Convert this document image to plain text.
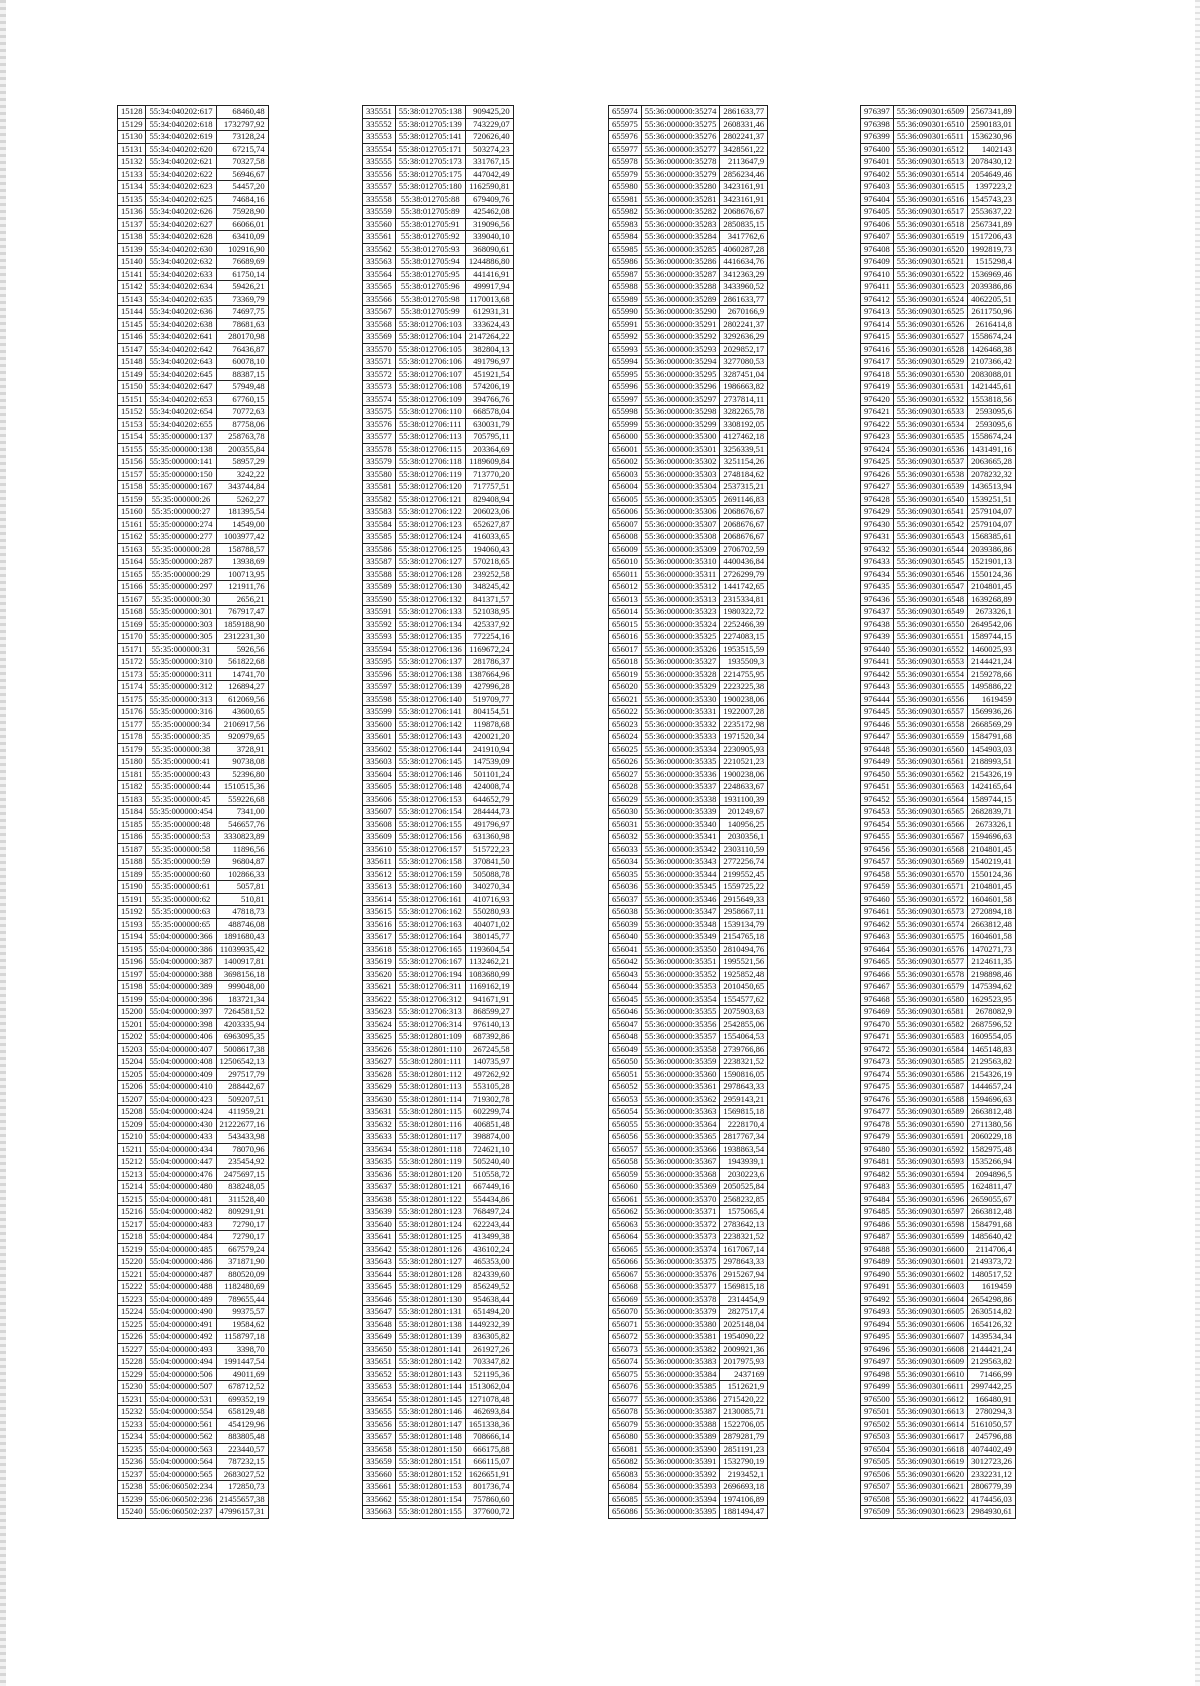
15128	55:34:040202:617	68460,48
15129	55:34:040202:618	1732797,92
15130	55:34:040202:619	73128,24
15131	55:34:040202:620	67215,74
15132	55:34:040202:621	70327,58
15133	55:34:040202:622	56946,67
15134	55:34:040202:623	54457,20
15135	55:34:040202:625	74684,16
15136	55:34:040202:626	75928,90
15137	55:34:040202:627	66066,01
15138	55:34:040202:628	63410,09
15139	55:34:040202:630	102916,90
15140	55:34:040202:632	76689,69
15141	55:34:040202:633	61750,14
15142	55:34:040202:634	59426,21
15143	55:34:040202:635	73369,79
15144	55:34:040202:636	74697,75
15145	55:34:040202:638	78681,63
15146	55:34:040202:641	280170,98
15147	55:34:040202:642	76436,87
15148	55:34:040202:643	60078,10
15149	55:34:040202:645	88387,15
15150	55:34:040202:647	57949,48
15151	55:34:040202:653	67760,15
15152	55:34:040202:654	70772,63
15153	55:34:040202:655	87758,06
15154	55:35:000000:137	258763,78
15155	55:35:000000:138	200355,84
15156	55:35:000000:141	58957,29
15157	55:35:000000:150	3242,22
15158	55:35:000000:167	343744,84
15159	55:35:000000:26	5262,27
15160	55:35:000000:27	181395,54
15161	55:35:000000:274	14549,00
15162	55:35:000000:277	1003977,42
15163	55:35:000000:28	158788,57
15164	55:35:000000:287	13938,69
15165	55:35:000000:29	100713,95
15166	55:35:000000:297	121911,76
15167	55:35:000000:30	2656,21
15168	55:35:000000:301	767917,47
15169	55:35:000000:303	1859188,90
15170	55:35:000000:305	2312231,30
15171	55:35:000000:31	5926,56
15172	55:35:000000:310	561822,68
15173	55:35:000000:311	14741,70
15174	55:35:000000:312	126894,27
15175	55:35:000000:313	612069,56
15176	55:35:000000:316	43600,65
15177	55:35:000000:34	2106917,56
15178	55:35:000000:35	920979,65
15179	55:35:000000:38	3728,91
15180	55:35:000000:41	90738,08
15181	55:35:000000:43	52396,80
15182	55:35:000000:44	1510515,36
15183	55:35:000000:45	559226,68
15184	55:35:000000:454	7341,00
15185	55:35:000000:48	546657,76
15186	55:35:000000:53	3330823,89
15187	55:35:000000:58	11896,56
15188	55:35:000000:59	96804,87
15189	55:35:000000:60	102866,33
15190	55:35:000000:61	5057,81
15191	55:35:000000:62	510,81
15192	55:35:000000:63	47818,73
15193	55:35:000000:65	488746,08
15194	55:04:000000:366	1891680,43
15195	55:04:000000:386	11039935,42
15196	55:04:000000:387	1400917,81
15197	55:04:000000:388	3698156,18
15198	55:04:000000:389	999048,00
15199	55:04:000000:396	183721,34
15200	55:04:000000:397	7264581,52
15201	55:04:000000:398	4203335,94
15202	55:04:000000:406	6963095,35
15203	55:04:000000:407	5008617,38
15204	55:04:000000:408	12506542,13
15205	55:04:000000:409	297517,79
15206	55:04:000000:410	288442,67
15207	55:04:000000:423	509207,51
15208	55:04:000000:424	411959,21
15209	55:04:000000:430	21222677,16
15210	55:04:000000:433	543433,98
15211	55:04:000000:434	78070,96
15212	55:04:000000:447	235454,92
15213	55:04:000000:476	2475697,15
15214	55:04:000000:480	838248,05
15215	55:04:000000:481	311528,40
15216	55:04:000000:482	809291,91
15217	55:04:000000:483	72790,17
15218	55:04:000000:484	72790,17
15219	55:04:000000:485	667579,24
15220	55:04:000000:486	371871,90
15221	55:04:000000:487	880520,09
15222	55:04:000000:488	1182480,69
15223	55:04:000000:489	789655,44
15224	55:04:000000:490	99375,57
15225	55:04:000000:491	19584,62
15226	55:04:000000:492	1158797,18
15227	55:04:000000:493	3398,70
15228	55:04:000000:494	1991447,54
15229	55:04:000000:506	49011,69
15230	55:04:000000:507	678712,52
15231	55:04:000000:531	699352,19
15232	55:04:000000:554	658129,48
15233	55:04:000000:561	454129,96
15234	55:04:000000:562	883805,48
15235	55:04:000000:563	223440,57
15236	55:04:000000:564	787232,15
15237	55:04:000000:565	2683027,52
15238	55:06:060502:234	172850,73
15239	55:06:060502:236	21455657,38
15240	55:06:060502:237	47996157,31
335551	55:38:012705:138	909425,20
335552	55:38:012705:139	743229,07
335553	55:38:012705:141	720626,40
335554	55:38:012705:171	503274,23
335555	55:38:012705:173	331767,15
335556	55:38:012705:175	447042,49
335557	55:38:012705:180	1162590,81
335558	55:38:012705:88	679409,76
335559	55:38:012705:89	425462,08
335560	55:38:012705:91	319096,56
335561	55:38:012705:92	339040,10
335562	55:38:012705:93	368090,61
335563	55:38:012705:94	1244886,80
335564	55:38:012705:95	441416,91
335565	55:38:012705:96	499917,94
335566	55:38:012705:98	1170013,68
335567	55:38:012705:99	612931,31
335568	55:38:012706:103	333624,43
335569	55:38:012706:104	2147264,22
335570	55:38:012706:105	382804,13
335571	55:38:012706:106	491796,97
335572	55:38:012706:107	451921,54
335573	55:38:012706:108	574206,19
335574	55:38:012706:109	394766,76
335575	55:38:012706:110	668578,04
335576	55:38:012706:111	630031,79
335577	55:38:012706:113	705795,11
335578	55:38:012706:115	203364,69
335579	55:38:012706:118	1189609,84
335580	55:38:012706:119	713770,20
335581	55:38:012706:120	717757,51
335582	55:38:012706:121	829408,94
335583	55:38:012706:122	206023,06
335584	55:38:012706:123	652627,87
335585	55:38:012706:124	416033,65
335586	55:38:012706:125	194060,43
335587	55:38:012706:127	570218,65
335588	55:38:012706:128	239252,58
335589	55:38:012706:130	348245,42
335590	55:38:012706:132	841371,57
335591	55:38:012706:133	521038,95
335592	55:38:012706:134	425337,92
335593	55:38:012706:135	772254,16
335594	55:38:012706:136	1169672,24
335595	55:38:012706:137	281786,37
335596	55:38:012706:138	1387664,96
335597	55:38:012706:139	427996,28
335598	55:38:012706:140	519709,77
335599	55:38:012706:141	804154,51
335600	55:38:012706:142	119878,68
335601	55:38:012706:143	420021,20
335602	55:38:012706:144	241910,94
335603	55:38:012706:145	147539,09
335604	55:38:012706:146	501101,24
335605	55:38:012706:148	424008,74
335606	55:38:012706:153	644652,79
335607	55:38:012706:154	284444,73
335608	55:38:012706:155	491796,97
335609	55:38:012706:156	631360,98
335610	55:38:012706:157	515722,23
335611	55:38:012706:158	370841,50
335612	55:38:012706:159	505088,78
335613	55:38:012706:160	340270,34
335614	55:38:012706:161	410716,93
335615	55:38:012706:162	550280,93
335616	55:38:012706:163	404071,02
335617	55:38:012706:164	380145,77
335618	55:38:012706:165	1193604,54
335619	55:38:012706:167	1132462,21
335620	55:38:012706:194	1083680,99
335621	55:38:012706:311	1169162,19
335622	55:38:012706:312	941671,91
335623	55:38:012706:313	868599,27
335624	55:38:012706:314	976140,13
335625	55:38:012801:109	687392,86
335626	55:38:012801:110	267245,58
335627	55:38:012801:111	140735,97
335628	55:38:012801:112	497262,92
335629	55:38:012801:113	553105,28
335630	55:38:012801:114	719302,78
335631	55:38:012801:115	602299,74
335632	55:38:012801:116	406851,48
335633	55:38:012801:117	398874,00
335634	55:38:012801:118	724621,10
335635	55:38:012801:119	505240,40
335636	55:38:012801:120	510558,72
335637	55:38:012801:121	667449,16
335638	55:38:012801:122	554434,86
335639	55:38:012801:123	768497,24
335640	55:38:012801:124	622243,44
335641	55:38:012801:125	413499,38
335642	55:38:012801:126	436102,24
335643	55:38:012801:127	465353,00
335644	55:38:012801:128	824339,60
335645	55:38:012801:129	856249,52
335646	55:38:012801:130	954638,44
335647	55:38:012801:131	651494,20
335648	55:38:012801:138	1449232,39
335649	55:38:012801:139	836305,82
335650	55:38:012801:141	261927,26
335651	55:38:012801:142	703347,82
335652	55:38:012801:143	521195,36
335653	55:38:012801:144	1513062,04
335654	55:38:012801:145	1271078,48
335655	55:38:012801:146	462693,84
335656	55:38:012801:147	1651338,36
335657	55:38:012801:148	708666,14
335658	55:38:012801:150	666175,88
335659	55:38:012801:151	666115,07
335660	55:38:012801:152	1626651,91
335661	55:38:012801:153	801736,74
335662	55:38:012801:154	757860,60
335663	55:38:012801:155	377600,72
655974	55:36:000000:35274	2861633,77
655975	55:36:000000:35275	2608331,46
655976	55:36:000000:35276	2802241,37
655977	55:36:000000:35277	3428561,22
655978	55:36:000000:35278	2113647,9
655979	55:36:000000:35279	2856234,46
655980	55:36:000000:35280	3423161,91
655981	55:36:000000:35281	3423161,91
655982	55:36:000000:35282	2068676,67
655983	55:36:000000:35283	2850835,15
655984	55:36:000000:35284	3417762,6
655985	55:36:000000:35285	4060287,28
655986	55:36:000000:35286	4416634,76
655987	55:36:000000:35287	3412363,29
655988	55:36:000000:35288	3433960,52
655989	55:36:000000:35289	2861633,77
655990	55:36:000000:35290	2670166,9
655991	55:36:000000:35291	2802241,37
655992	55:36:000000:35292	3292636,29
655993	55:36:000000:35293	2029852,17
655994	55:36:000000:35294	3277080,53
655995	55:36:000000:35295	3287451,04
655996	55:36:000000:35296	1986663,82
655997	55:36:000000:35297	2737814,11
655998	55:36:000000:35298	3282265,78
655999	55:36:000000:35299	3308192,05
656000	55:36:000000:35300	4127462,18
656001	55:36:000000:35301	3256339,51
656002	55:36:000000:35302	3251154,26
656003	55:36:000000:35303	2748184,62
656004	55:36:000000:35304	2537315,21
656005	55:36:000000:35305	2691146,83
656006	55:36:000000:35306	2068676,67
656007	55:36:000000:35307	2068676,67
656008	55:36:000000:35308	2068676,67
656009	55:36:000000:35309	2706702,59
656010	55:36:000000:35310	4400436,84
656011	55:36:000000:35311	2726299,79
656012	55:36:000000:35312	1441742,65
656013	55:36:000000:35313	2315334,81
656014	55:36:000000:35323	1980322,72
656015	55:36:000000:35324	2252466,39
656016	55:36:000000:35325	2274083,15
656017	55:36:000000:35326	1953515,59
656018	55:36:000000:35327	1935509,3
656019	55:36:000000:35328	2214755,95
656020	55:36:000000:35329	2223225,38
656021	55:36:000000:35330	1900238,06
656022	55:36:000000:35331	1922007,28
656023	55:36:000000:35332	2235172,98
656024	55:36:000000:35333	1971520,34
656025	55:36:000000:35334	2230905,93
656026	55:36:000000:35335	2210521,23
656027	55:36:000000:35336	1900238,06
656028	55:36:000000:35337	2248633,67
656029	55:36:000000:35338	1931100,39
656030	55:36:000000:35339	201249,67
656031	55:36:000000:35340	140956,25
656032	55:36:000000:35341	2030356,1
656033	55:36:000000:35342	2303110,59
656034	55:36:000000:35343	2772256,74
656035	55:36:000000:35344	2199552,45
656036	55:36:000000:35345	1559725,22
656037	55:36:000000:35346	2915649,33
656038	55:36:000000:35347	2958667,11
656039	55:36:000000:35348	1539134,79
656040	55:36:000000:35349	2154765,18
656041	55:36:000000:35350	2810494,76
656042	55:36:000000:35351	1995521,56
656043	55:36:000000:35352	1925852,48
656044	55:36:000000:35353	2010450,65
656045	55:36:000000:35354	1554577,62
656046	55:36:000000:35355	2075903,63
656047	55:36:000000:35356	2542855,06
656048	55:36:000000:35357	1554064,53
656049	55:36:000000:35358	2739766,86
656050	55:36:000000:35359	2238321,52
656051	55:36:000000:35360	1590816,05
656052	55:36:000000:35361	2978643,33
656053	55:36:000000:35362	2959143,21
656054	55:36:000000:35363	1569815,18
656055	55:36:000000:35364	2228170,4
656056	55:36:000000:35365	2817767,34
656057	55:36:000000:35366	1938863,54
656058	55:36:000000:35367	1943939,1
656059	55:36:000000:35368	2030223,6
656060	55:36:000000:35369	2050525,84
656061	55:36:000000:35370	2568232,85
656062	55:36:000000:35371	1575065,4
656063	55:36:000000:35372	2783642,13
656064	55:36:000000:35373	2238321,52
656065	55:36:000000:35374	1617067,14
656066	55:36:000000:35375	2978643,33
656067	55:36:000000:35376	2915267,94
656068	55:36:000000:35377	1569815,18
656069	55:36:000000:35378	2314454,9
656070	55:36:000000:35379	2827517,4
656071	55:36:000000:35380	2025148,04
656072	55:36:000000:35381	1954090,22
656073	55:36:000000:35382	2009921,36
656074	55:36:000000:35383	2017975,93
656075	55:36:000000:35384	2437169
656076	55:36:000000:35385	1512621,9
656077	55:36:000000:35386	2715420,22
656078	55:36:000000:35387	2130085,71
656079	55:36:000000:35388	1522706,05
656080	55:36:000000:35389	2879281,79
656081	55:36:000000:35390	2851191,23
656082	55:36:000000:35391	1532790,19
656083	55:36:000000:35392	2193452,1
656084	55:36:000000:35393	2696693,18
656085	55:36:000000:35394	1974106,89
656086	55:36:000000:35395	1881494,47
976397	55:36:090301:6509	2567341,89
976398	55:36:090301:6510	2590183,01
976399	55:36:090301:6511	1536230,96
976400	55:36:090301:6512	1402143
976401	55:36:090301:6513	2078430,12
976402	55:36:090301:6514	2054649,46
976403	55:36:090301:6515	1397223,2
976404	55:36:090301:6516	1545743,23
976405	55:36:090301:6517	2553637,22
976406	55:36:090301:6518	2567341,89
976407	55:36:090301:6519	1517206,43
976408	55:36:090301:6520	1992819,73
976409	55:36:090301:6521	1515298,4
976410	55:36:090301:6522	1536969,46
976411	55:36:090301:6523	2039386,86
976412	55:36:090301:6524	4062205,51
976413	55:36:090301:6525	2611750,96
976414	55:36:090301:6526	2616414,8
976415	55:36:090301:6527	1558674,24
976416	55:36:090301:6528	1426468,38
976417	55:36:090301:6529	2107366,42
976418	55:36:090301:6530	2083088,01
976419	55:36:090301:6531	1421445,61
976420	55:36:090301:6532	1553818,56
976421	55:36:090301:6533	2593095,6
976422	55:36:090301:6534	2593095,6
976423	55:36:090301:6535	1558674,24
976424	55:36:090301:6536	1431491,16
976425	55:36:090301:6537	2063665,28
976426	55:36:090301:6538	2078232,32
976427	55:36:090301:6539	1436513,94
976428	55:36:090301:6540	1539251,51
976429	55:36:090301:6541	2579104,07
976430	55:36:090301:6542	2579104,07
976431	55:36:090301:6543	1568385,61
976432	55:36:090301:6544	2039386,86
976433	55:36:090301:6545	1521901,13
976434	55:36:090301:6546	1550124,36
976435	55:36:090301:6547	2104801,45
976436	55:36:090301:6548	1639268,89
976437	55:36:090301:6549	2673326,1
976438	55:36:090301:6550	2649542,06
976439	55:36:090301:6551	1589744,15
976440	55:36:090301:6552	1460025,93
976441	55:36:090301:6553	2144421,24
976442	55:36:090301:6554	2159278,66
976443	55:36:090301:6555	1495886,22
976444	55:36:090301:6556	1619459
976445	55:36:090301:6557	1569936,26
976446	55:36:090301:6558	2668569,29
976447	55:36:090301:6559	1584791,68
976448	55:36:090301:6560	1454903,03
976449	55:36:090301:6561	2188993,51
976450	55:36:090301:6562	2154326,19
976451	55:36:090301:6563	1424165,64
976452	55:36:090301:6564	1589744,15
976453	55:36:090301:6565	2682839,71
976454	55:36:090301:6566	2673326,1
976455	55:36:090301:6567	1594696,63
976456	55:36:090301:6568	2104801,45
976457	55:36:090301:6569	1540219,41
976458	55:36:090301:6570	1550124,36
976459	55:36:090301:6571	2104801,45
976460	55:36:090301:6572	1604601,58
976461	55:36:090301:6573	2720894,18
976462	55:36:090301:6574	2663812,48
976463	55:36:090301:6575	1604601,58
976464	55:36:090301:6576	1470271,73
976465	55:36:090301:6577	2124611,35
976466	55:36:090301:6578	2198898,46
976467	55:36:090301:6579	1475394,62
976468	55:36:090301:6580	1629523,95
976469	55:36:090301:6581	2678082,9
976470	55:36:090301:6582	2687596,52
976471	55:36:090301:6583	1609554,05
976472	55:36:090301:6584	1465148,83
976473	55:36:090301:6585	2129563,82
976474	55:36:090301:6586	2154326,19
976475	55:36:090301:6587	1444657,24
976476	55:36:090301:6588	1594696,63
976477	55:36:090301:6589	2663812,48
976478	55:36:090301:6590	2711380,56
976479	55:36:090301:6591	2060229,18
976480	55:36:090301:6592	1582975,48
976481	55:36:090301:6593	1535266,94
976482	55:36:090301:6594	2094896,5
976483	55:36:090301:6595	1624811,47
976484	55:36:090301:6596	2659055,67
976485	55:36:090301:6597	2663812,48
976486	55:36:090301:6598	1584791,68
976487	55:36:090301:6599	1485640,42
976488	55:36:090301:6600	2114706,4
976489	55:36:090301:6601	2149373,72
976490	55:36:090301:6602	1480517,52
976491	55:36:090301:6603	1619459
976492	55:36:090301:6604	2654298,86
976493	55:36:090301:6605	2630514,82
976494	55:36:090301:6606	1654126,32
976495	55:36:090301:6607	1439534,34
976496	55:36:090301:6608	2144421,24
976497	55:36:090301:6609	2129563,82
976498	55:36:090301:6610	71466,99
976499	55:36:090301:6611	2997442,25
976500	55:36:090301:6612	166480,91
976501	55:36:090301:6613	2780294,3
976502	55:36:090301:6614	5161050,57
976503	55:36:090301:6617	245796,88
976504	55:36:090301:6618	4074402,49
976505	55:36:090301:6619	3012723,26
976506	55:36:090301:6620	2332231,12
976507	55:36:090301:6621	2806779,39
976508	55:36:090301:6622	4174456,03
976509	55:36:090301:6623	2984930,61
